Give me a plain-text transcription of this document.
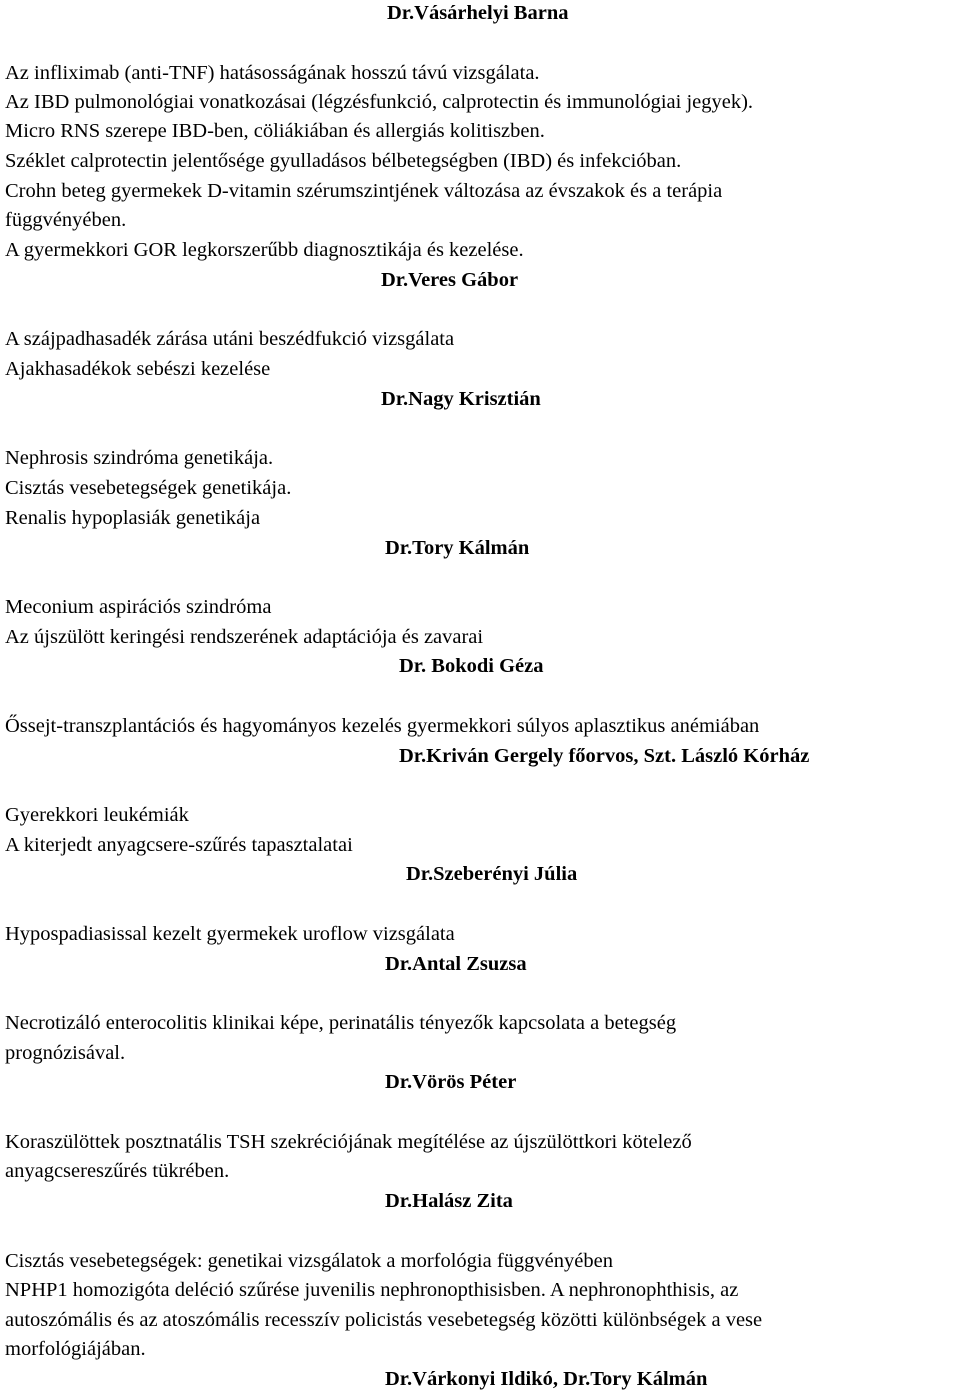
Dr.Vásárhelyi Barna
Az infliximab (anti-TNF) hatásosságának hosszú távú vizsgálata.
Az IBD pulmonológiai vonatkozásai (légzésfunkció, calprotectin és immunológiai jegyek).
Micro RNS szerepe IBD-ben, cöliákiában és allergiás kolitiszben.
Széklet calprotectin jelentősége gyulladásos bélbetegségben (IBD) és infekcióban.
Crohn beteg gyermekek D-vitamin szérumszintjének változása az évszakok és a terápia
függvényében.
A gyermekkori GOR legkorszerűbb diagnosztikája és kezelése.
Dr.Veres Gábor
A szájpadhasadék zárása utáni beszédfukció vizsgálata
Ajakhasadékok sebészi kezelése
Dr.Nagy Krisztián
Nephrosis szindróma genetikája.
Cisztás vesebetegségek genetikája.
Renalis hypoplasiák genetikája
Dr.Tory Kálmán
Meconium aspirációs szindróma
Az újszülött keringési rendszerének adaptációja és zavarai
Dr. Bokodi Géza
Őssejt-transzplantációs és hagyományos kezelés gyermekkori súlyos aplasztikus anémiában
Dr.Kriván Gergely főorvos, Szt. László Kórház
Gyerekkori leukémiák
A kiterjedt anyagcsere-szűrés tapasztalatai
Dr.Szeberényi Júlia
Hypospadiasissal kezelt gyermekek uroflow vizsgálata
Dr.Antal Zsuzsa
Necrotizáló enterocolitis klinikai képe, perinatális tényezők kapcsolata a betegség
prognózisával.
Dr.Vörös Péter
Koraszülöttek posztnatális TSH szekréciójának megítélése az újszülöttkori kötelező
anyagcsereszűrés tükrében.
Dr.Halász Zita
Cisztás vesebetegségek: genetikai vizsgálatok a morfológia függvényében
NPHP1 homozigóta deléció szűrése juvenilis nephronopthisisben. A nephronophthisis, az
autoszómális és az atoszómális recesszív policistás vesebetegség közötti különbségek a vese
morfológiájában.
Dr.Várkonyi Ildikó, Dr.Tory Kálmán
